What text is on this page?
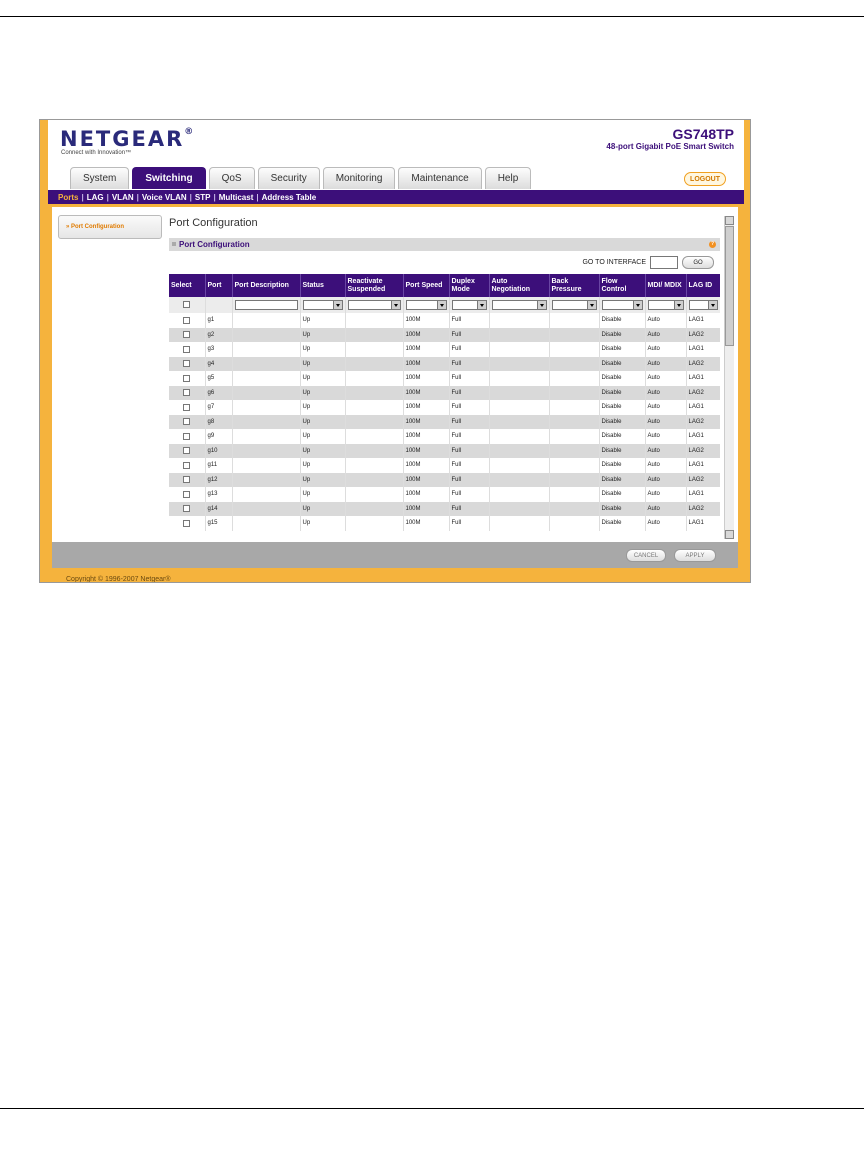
NETGEAR®
Connect with Innovation™
GS748TP
48-port Gigabit PoE Smart Switch
System	Switching	QoS	Security	Monitoring	Maintenance	Help	LOGOUT
Ports | LAG | VLAN | Voice VLAN | STP | Multicast | Address Table
» Port Configuration	Port Configuration
Port Configuration	?
GO TO INTERFACE	GO
Select	Port	Port Description	Status	Reactivate Suspended	Port Speed	Duplex Mode	Auto Negotiation	Back Pressure	Flow Control	MDI/ MDIX	LAG ID

	g1		Up		100M	Full			Disable	Auto	LAG1
	g2		Up		100M	Full			Disable	Auto	LAG2
	g3		Up		100M	Full			Disable	Auto	LAG1
	g4		Up		100M	Full			Disable	Auto	LAG2
	g5		Up		100M	Full			Disable	Auto	LAG1
	g6		Up		100M	Full			Disable	Auto	LAG2
	g7		Up		100M	Full			Disable	Auto	LAG1
	g8		Up		100M	Full			Disable	Auto	LAG2
	g9		Up		100M	Full			Disable	Auto	LAG1
	g10		Up		100M	Full			Disable	Auto	LAG2
	g11		Up		100M	Full			Disable	Auto	LAG1
	g12		Up		100M	Full			Disable	Auto	LAG2
	g13		Up		100M	Full			Disable	Auto	LAG1
	g14		Up		100M	Full			Disable	Auto	LAG2
	g15		Up		100M	Full			Disable	Auto	LAG1
CANCEL	APPLY
Copyright © 1996-2007 Netgear®
